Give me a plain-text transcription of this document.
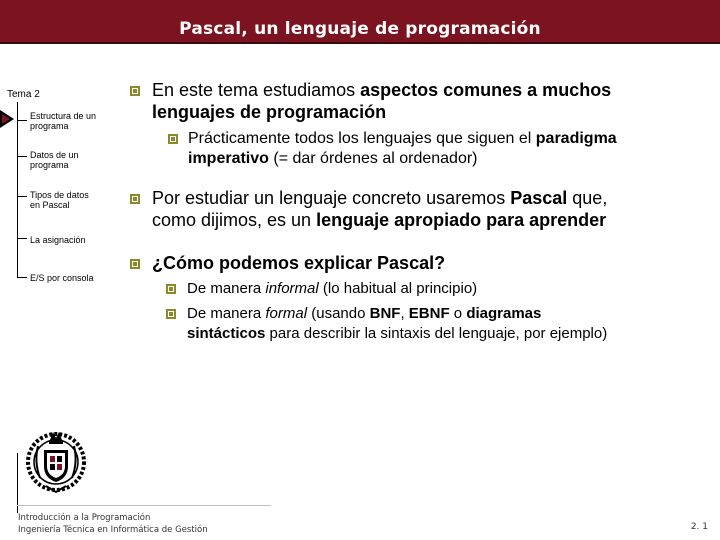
Pascal, un lenguaje de programación
Tema 2
Estructura de un programa
Datos de un programa
Tipos de datos en Pascal
La asignación
E/S por consola
En este tema estudiamos aspectos comunes a muchos
lenguajes de programación
Prácticamente todos los lenguajes que siguen el paradigma
imperativo (= dar órdenes al ordenador)
Por estudiar un lenguaje concreto usaremos Pascal que,
como dijimos, es un lenguaje apropiado para aprender
¿Cómo podemos explicar Pascal?
De manera informal (lo habitual al principio)
De manera formal (usando BNF, EBNF o diagramas
sintácticos para describir la sintaxis del lenguaje, por ejemplo)
Introducción a la Programación
Ingeniería Técnica en Informática de Gestión	2. 1
